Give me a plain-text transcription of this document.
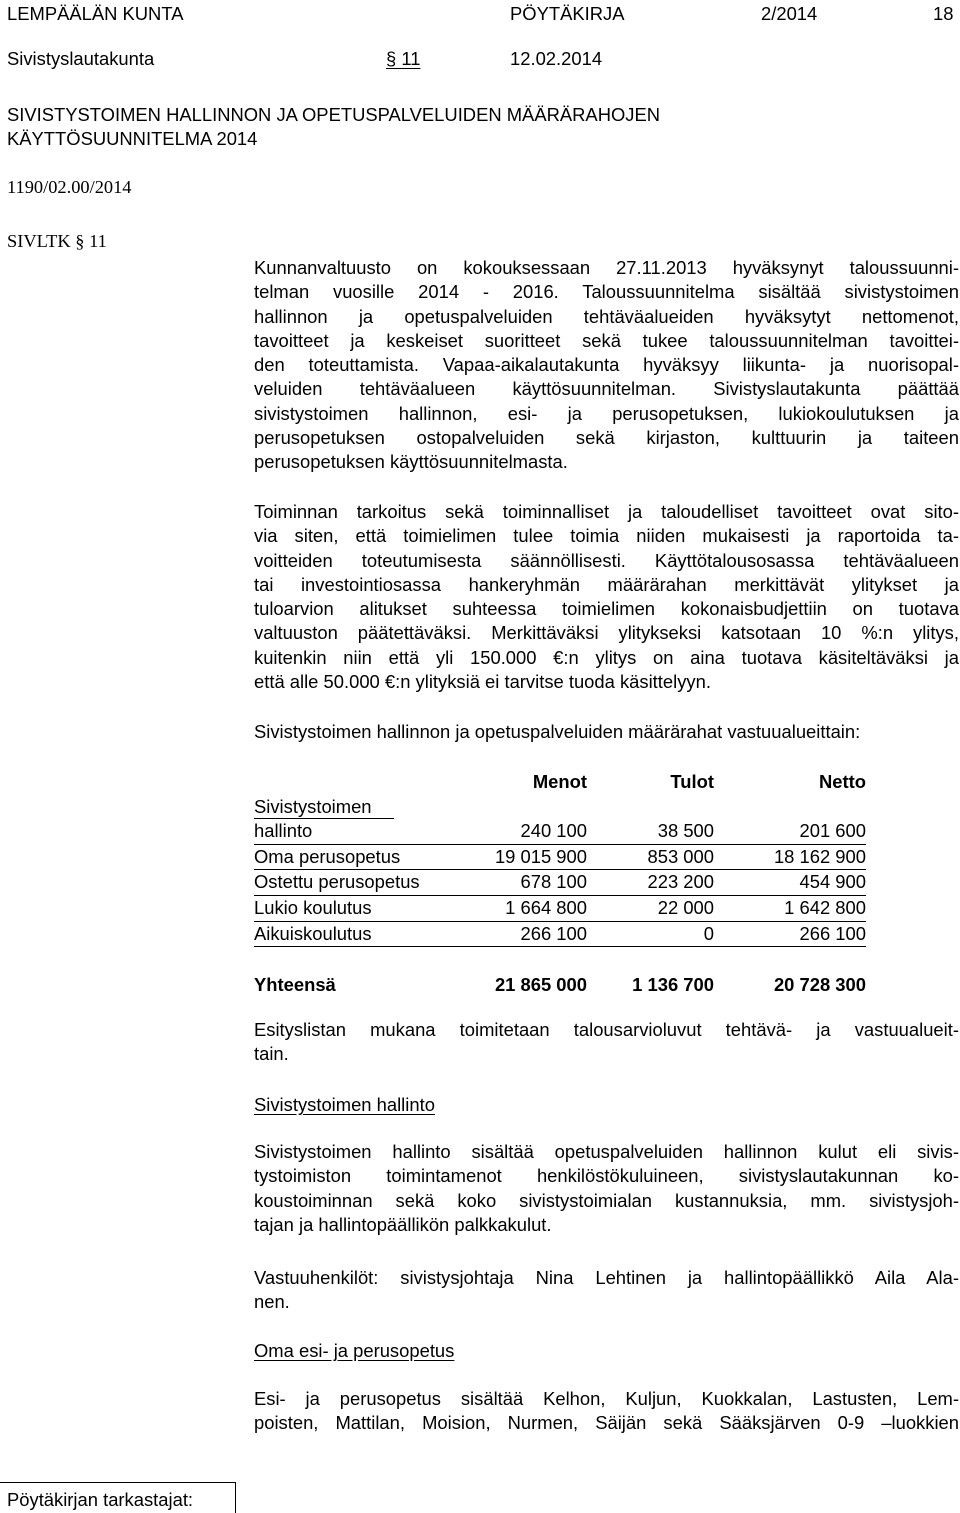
LEMPÄÄLÄN KUNTA	PÖYTÄKIRJA	2/2014	18
Sivistyslautakunta	§ 11	12.02.2014
SIVISTYSTOIMEN HALLINNON JA OPETUSPALVELUIDEN MÄÄRÄRAHOJEN
KÄYTTÖSUUNNITELMA 2014
1190/02.00/2014
SIVLTK § 11
Kunnanvaltuusto on kokouksessaan 27.11.2013 hyväksynyt taloussuunni-
telman vuosille 2014 - 2016. Taloussuunnitelma sisältää sivistystoimen
hallinnon ja opetuspalveluiden tehtäväalueiden hyväksytyt nettomenot,
tavoitteet ja keskeiset suoritteet sekä tukee taloussuunnitelman tavoittei-
den toteuttamista. Vapaa-aikalautakunta hyväksyy liikunta- ja nuorisopal-
veluiden tehtäväalueen käyttösuunnitelman. Sivistyslautakunta päättää
sivistystoimen hallinnon, esi- ja perusopetuksen, lukiokoulutuksen ja
perusopetuksen ostopalveluiden sekä kirjaston, kulttuurin ja taiteen
perusopetuksen käyttösuunnitelmasta.
Toiminnan tarkoitus sekä toiminnalliset ja taloudelliset tavoitteet ovat sito-
via siten, että toimielimen tulee toimia niiden mukaisesti ja raportoida ta-
voitteiden toteutumisesta säännöllisesti. Käyttötalousosassa tehtäväalueen
tai investointiosassa hankeryhmän määrärahan merkittävät ylitykset ja
tuloarvion alitukset suhteessa toimielimen kokonaisbudjettiin on tuotava
valtuuston päätettäväksi. Merkittäväksi ylitykseksi katsotaan 10 %:n ylitys,
kuitenkin niin että yli 150.000 €:n ylitys on aina tuotava käsiteltäväksi ja
että alle 50.000 €:n ylityksiä ei tarvitse tuoda käsittelyyn.
Sivistystoimen hallinnon ja opetuspalveluiden määrärahat vastuualueittain:
	Menot	Tulot	Netto
Sivistystoimen			
hallinto	240 100	38 500	201 600
Oma perusopetus	19 015 900	853 000	18 162 900
Ostettu perusopetus	678 100	223 200	454 900
Lukio koulutus	1 664 800	22 000	1 642 800
Aikuiskoulutus	266 100	0	266 100

Yhteensä	21 865 000	1 136 700	20 728 300
Esityslistan mukana toimitetaan talousarvioluvut tehtävä- ja vastuualueit-
tain.
Sivistystoimen hallinto
Sivistystoimen hallinto sisältää opetuspalveluiden hallinnon kulut eli sivis-
tystoimiston toimintamenot henkilöstökuluineen, sivistyslautakunnan ko-
koustoiminnan sekä koko sivistystoimialan kustannuksia, mm. sivistysjoh-
tajan ja hallintopäällikön palkkakulut.
Vastuuhenkilöt: sivistysjohtaja Nina Lehtinen ja hallintopäällikkö Aila Ala-
nen.
Oma esi- ja perusopetus
Esi- ja perusopetus sisältää Kelhon, Kuljun, Kuokkalan, Lastusten, Lem-
poisten, Mattilan, Moision, Nurmen, Säijän sekä Sääksjärven 0-9 –luokkien
Pöytäkirjan tarkastajat:
